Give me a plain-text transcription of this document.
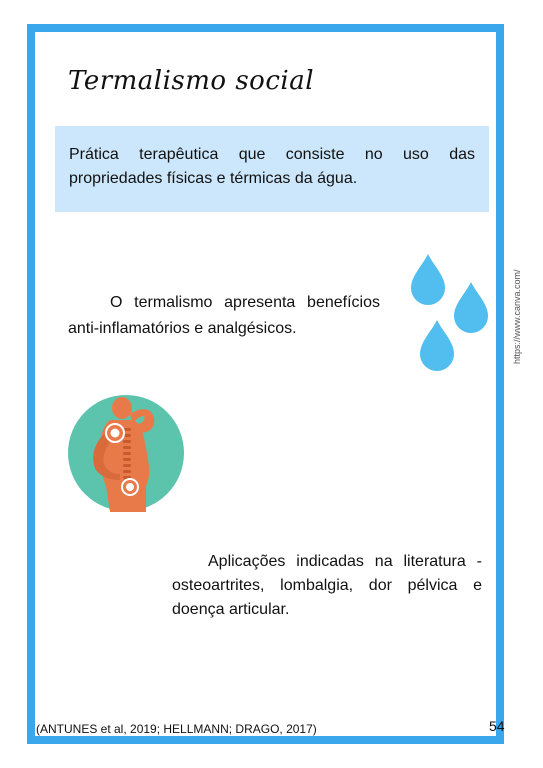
Termalismo social
Prática terapêutica que consiste no uso das propriedades físicas e térmicas da água.
O termalismo apresenta benefícios anti-inflamatórios e analgésicos.	https://www.canva.com/
Aplicações indicadas na literatura - osteoartrites, lombalgia, dor pélvica e doença articular.
(ANTUNES et al, 2019; HELLMANN; DRAGO, 2017)	54
